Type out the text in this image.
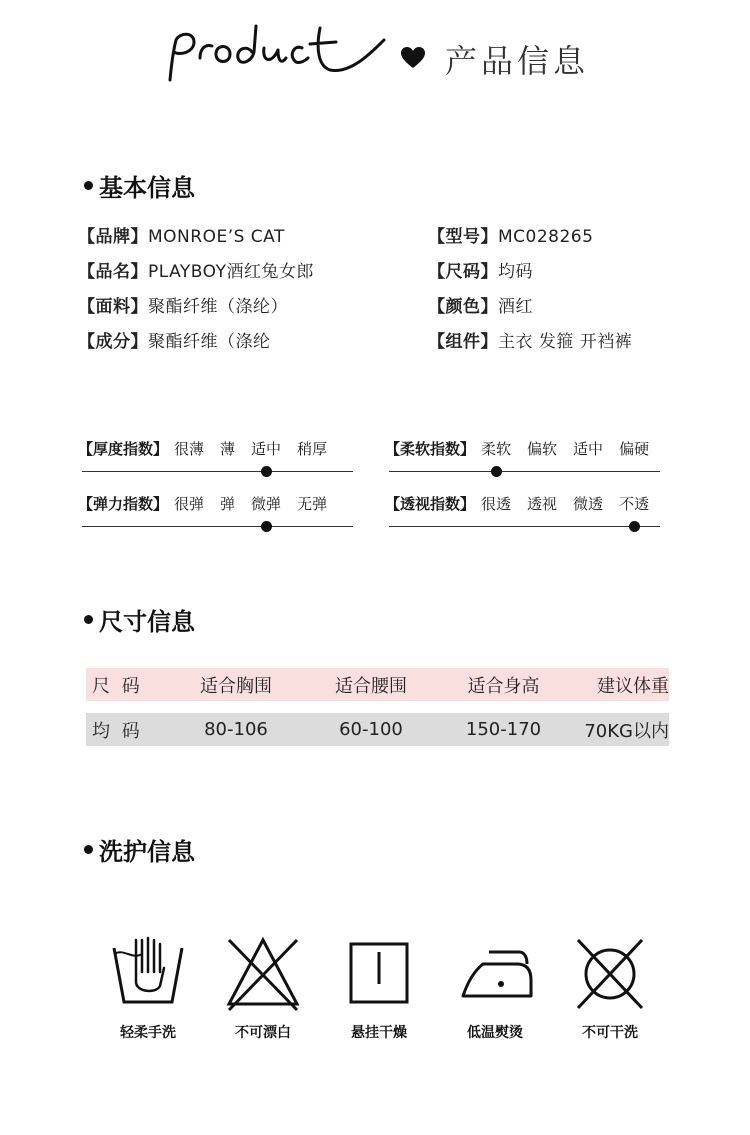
产品信息
基本信息
【品牌】MONROE’S CAT
【品名】PLAYBOY酒红兔女郎
【面料】聚酯纤维（涤纶）
【成分】聚酯纤维（涤纶
【型号】MC028265
【尺码】均码
【颜色】酒红
【组件】主衣 发箍 开裆裤
【厚度指数】 很薄 薄 适中 稍厚	【柔软指数】 柔软 偏软 适中 偏硬
【弹力指数】 很弹 弹 微弹 无弹	【透视指数】 很透 透视 微透 不透
尺寸信息
尺 码	适合胸围	适合腰围	适合身高	建议体重
均 码	80-106	60-100	150-170	70KG以内
洗护信息
轻柔手洗	不可漂白	悬挂干燥	低温熨烫	不可干洗
